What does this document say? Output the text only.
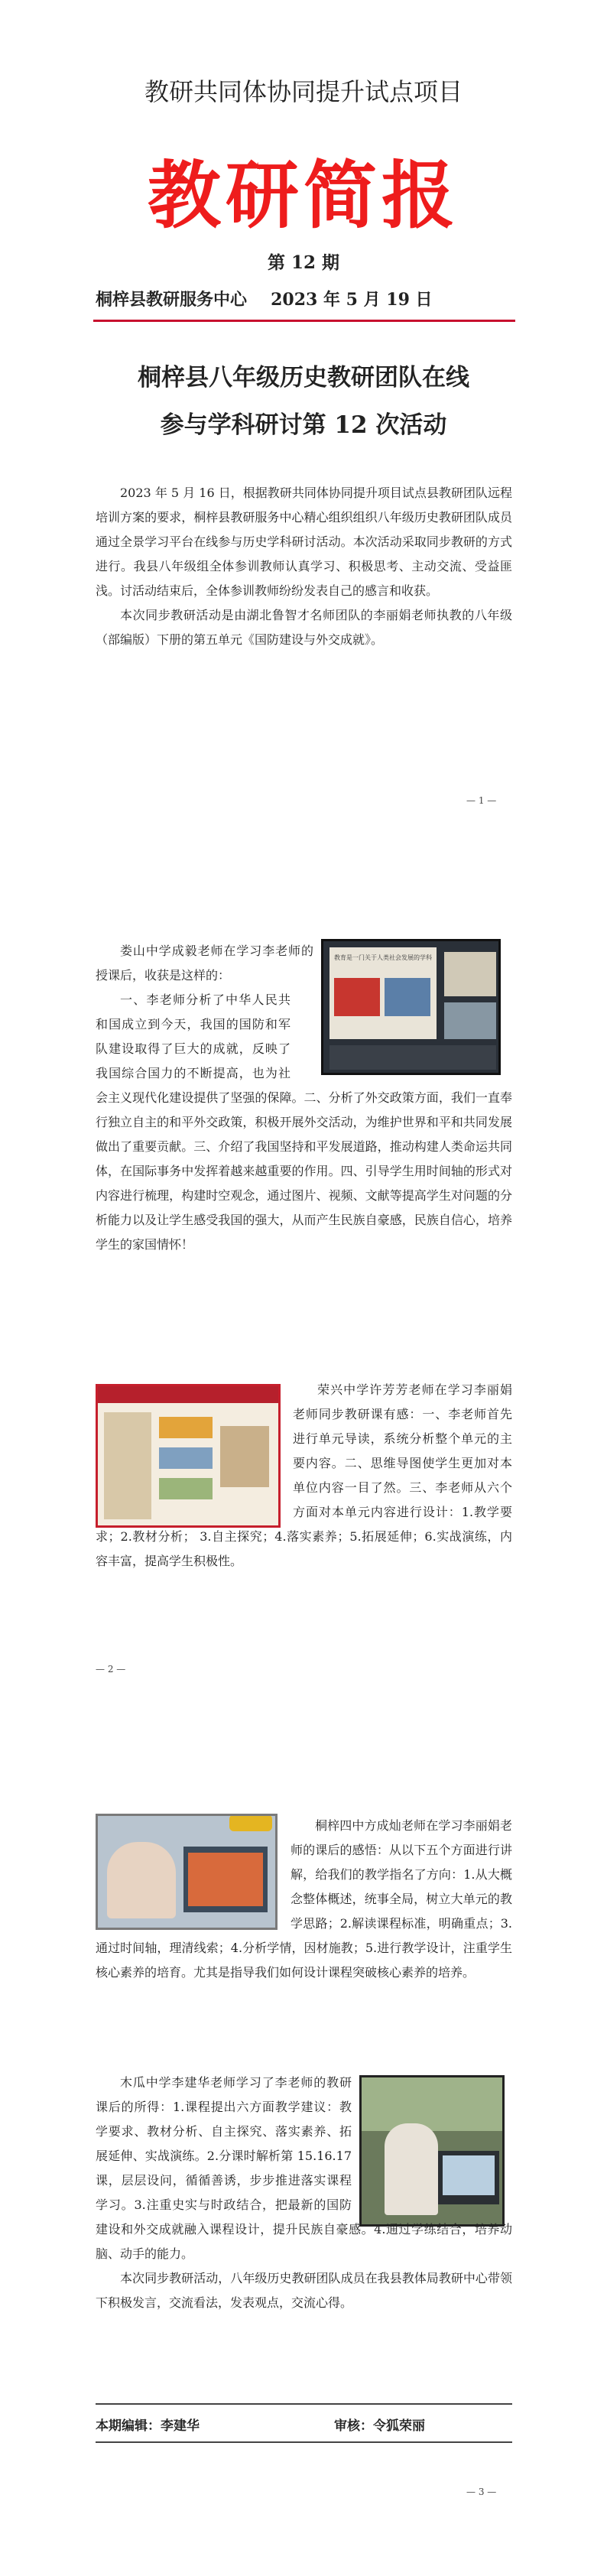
教研共同体协同提升试点项目
教研简报
第 12 期
桐梓县教研服务中心 2023 年 5 月 19 日
桐梓县八年级历史教研团队在线
参与学科研讨第 12 次活动

2023 年 5 月 16 日，根据教研共同体协同提升项目试点县教研团队远程培训方案的要求，桐梓县教研服务中心精心组织组织八年级历史教研团队成员通过全景学习平台在线参与历史学科研讨活动。本次活动采取同步教研的方式进行。我县八年级组全体参训教师认真学习、积极思考、主动交流、受益匪浅。讨活动结束后，全体参训教师纷纷发表自己的感言和收获。

本次同步教研活动是由湖北鲁智才名师团队的李丽娟老师执教的八年级（部编版）下册的第五单元《国防建设与外交成就》。

— 1 —
教育是一门关于人类社会发展的学科

娄山中学成毅老师在学习李老师的授课后，收获是这样的：

一、李老师分析了中华人民共和国成立到今天，我国的国防和军队建设取得了巨大的成就，反映了我国综合国力的不断提高，也为社会主义现代化建设提供了坚强的保障。二、分析了外交政策方面，我们一直奉行独立自主的和平外交政策，积极开展外交活动，为维护世界和平和共同发展做出了重要贡献。三、介绍了我国坚持和平发展道路，推动构建人类命运共同体，在国际事务中发挥着越来越重要的作用。四、引导学生用时间轴的形式对内容进行梳理，构建时空观念，通过图片、视频、文献等提高学生对问题的分析能力以及让学生感受我国的强大，从而产生民族自豪感，民族自信心，培养学生的家国情怀！

荣兴中学许芳芳老师在学习李丽娟老师同步教研课有感：一、李老师首先进行单元导读，系统分析整个单元的主要内容。二、思维导图使学生更加对本单位内容一目了然。三、李老师从六个方面对本单元内容进行设计：1.教学要求；2.教材分析； 3.自主探究；4.落实素养；5.拓展延伸；6.实战演练，内容丰富，提高学生积极性。

— 2 —

桐梓四中方成灿老师在学习李丽娟老师的课后的感悟：从以下五个方面进行讲解，给我们的教学指名了方向：1.从大概念整体概述，统事全局，树立大单元的教学思路；2.解读课程标准，明确重点；3.通过时间轴，理清线索；4.分析学情，因材施教；5.进行教学设计，注重学生核心素养的培育。尤其是指导我们如何设计课程突破核心素养的培养。

木瓜中学李建华老师学习了李老师的教研课后的所得：1.课程提出六方面教学建议：教学要求、教材分析、自主探究、落实素养、拓展延伸、实战演练。2.分课时解析第 15.16.17 课，层层设问，循循善诱，步步推进落实课程学习。3.注重史实与时政结合，把最新的国防建设和外交成就融入课程设计，提升民族自豪感。4.通过学练结合，培养动脑、动手的能力。

本次同步教研活动，八年级历史教研团队成员在我县教体局教研中心带领下积极发言，交流看法，发表观点，交流心得。

本期编辑：李建华	审核：令狐荣丽
— 3 —
